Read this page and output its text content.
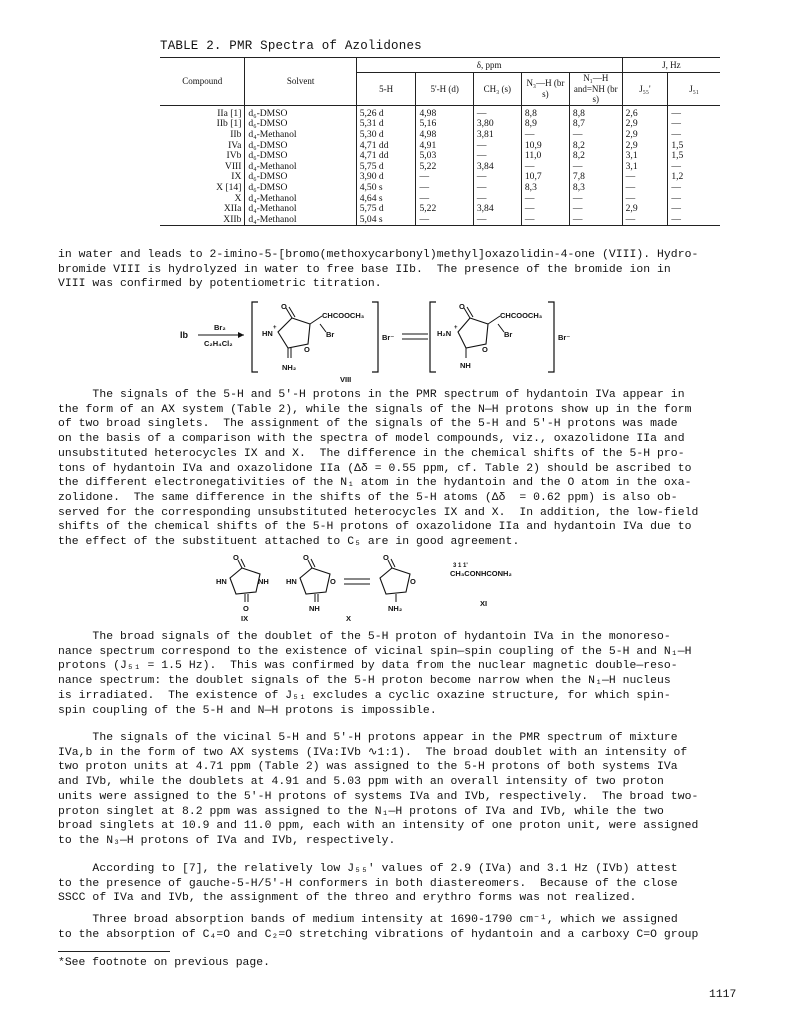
TABLE 2. PMR Spectra of Azolidones
Compound	Solvent	δ, ppm					J, Hz	
		5-H	5'-H (d)	CH₃ (s)	N₃—H (br s)	N₁—H and=NH (br s)	J₅₅'	J₅₁
IIa [1]	d₆-DMSO	5,26 d	4,98	—	8,8	8,8	2,6	—
IIb [1]	d₆-DMSO	5,31 d	5,16	3,80	8,9	8,7	2,9	—
IIb	d₄-Methanol	5,30 d	4,98	3,81	—	—	2,9	—
IVa	d₆-DMSO	4,71 dd	4,91	—	10,9	8,2	2,9	1,5
IVb	d₆-DMSO	4,71 dd	5,03	—	11,0	8,2	3,1	1,5
VIII	d₄-Methanol	5,75 d	5,22	3,84	—	—	3,1	—
IX	d₆-DMSO	3,90 d	—	—	10,7	7,8	—	1,2
X [14]	d₆-DMSO	4,50 s	—	—	8,3	8,3	—	—
X	d₄-Methanol	4,64 s	—	—	—	—	—	—
XIIa	d₄-Methanol	5,75 d	5,22	3,84	—	—	2,9	—
XIIb	d₄-Methanol	5,04 s	—	—	—	—	—	—
in water and leads to 2-imino-5-[bromo(methoxycarbonyl)methyl]oxazolidin-4-one (VIII). Hydro-
bromide VIII is hydrolyzed in water to free base IIb.  The presence of the bromide ion in
VIII was confirmed by potentiometric titration.
Ib
Br₂
C₂H₄Cl₂
O
CHCOOCH₃
Br
HN
+
O
NH₂
Br⁻
O
CHCOOCH₃
Br
H₂N
+
O
NH
Br⁻
VIII
The signals of the 5-H and 5'-H protons in the PMR spectrum of hydantoin IVa appear in
the form of an AX system (Table 2), while the signals of the N—H protons show up in the form
of two broad singlets.  The assignment of the signals of the 5-H and 5'-H protons was made
on the basis of a comparison with the spectra of model compounds, viz., oxazolidone IIa and
unsubstituted heterocycles IX and X.  The difference in the chemical shifts of the 5-H pro-
tons of hydantoin IVa and oxazolidone IIa (Δδ = 0.55 ppm, cf. Table 2) should be ascribed to
the different electronegativities of the N₁ atom in the hydantoin and the O atom in the oxa-
zolidone.  The same difference in the shifts of the 5-H atoms (Δδ  = 0.62 ppm) is also ob-
served for the corresponding unsubstituted heterocycles IX and X.  In addition, the low-field
shifts of the chemical shifts of the 5-H protons of oxazolidone IIa and hydantoin IVa due to
the effect of the substituent attached to C₅ are in good agreement.
O
HN	NH
O
IX
O
HN	O
NH
O
O
NH₂
X
3 1 1'
CH₃CONHCONH₂
XI
The broad signals of the doublet of the 5-H proton of hydantoin IVa in the monoreso-
nance spectrum correspond to the existence of vicinal spin—spin coupling of the 5-H and N₁—H
protons (J₅₁ = 1.5 Hz).  This was confirmed by data from the nuclear magnetic double—reso-
nance spectrum: the doublet signals of the 5-H proton become narrow when the N₁—H nucleus
is irradiated.  The existence of J₅₁ excludes a cyclic oxazine structure, for which spin-
spin coupling of the 5-H and N—H protons is impossible.
The signals of the vicinal 5-H and 5'-H protons appear in the PMR spectrum of mixture
IVa,b in the form of two AX systems (IVa:IVb ∿1:1).  The broad doublet with an intensity of
two proton units at 4.71 ppm (Table 2) was assigned to the 5-H protons of both systems IVa
and IVb, while the doublets at 4.91 and 5.03 ppm with an overall intensity of two proton
units were assigned to the 5'-H protons of systems IVa and IVb, respectively.  The broad two-
proton singlet at 8.2 ppm was assigned to the N₁—H protons of IVa and IVb, while the two
broad singlets at 10.9 and 11.0 ppm, each with an intensity of one proton unit, were assigned
to the N₃—H protons of IVa and IVb, respectively.
According to [7], the relatively low J₅₅' values of 2.9 (IVa) and 3.1 Hz (IVb) attest
to the presence of gauche-5-H/5'-H conformers in both diastereomers.  Because of the close
SSCC of IVa and IVb, the assignment of the threo and erythro forms was not realized.
Three broad absorption bands of medium intensity at 1690-1790 cm⁻¹, which we assigned
to the absorption of C₄=O and C₂=O stretching vibrations of hydantoin and a carboxy C=O group
*See footnote on previous page.
1117
